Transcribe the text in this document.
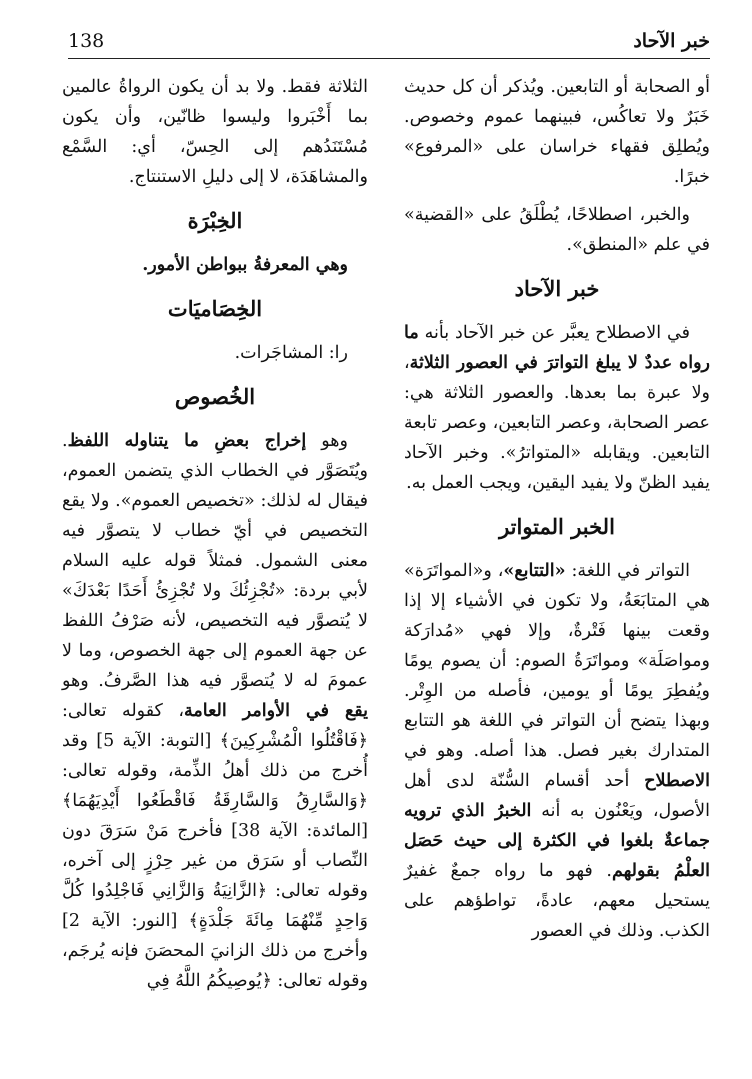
خبر الآحاد
138

أو الصحابة أو التابعين. ويُذكر أن كل حديث خَبَرٌ ولا تعاكُس، فبينهما عموم وخصوص. ويُطلِق فقهاء خراسان على «المرفوع» خبرًا.

والخبر، اصطلاحًا، يُطْلَقُ على «القضية» في علم «المنطق».

خبر الآحاد

في الاصطلاح يعبَّر عن خبر الآحاد بأنه ما رواه عددٌ لا يبلغ التواترَ في العصور الثلاثة، ولا عبرة بما بعدها. والعصور الثلاثة هي: عصر الصحابة، وعصر التابعين، وعصر تابعة التابعين. ويقابله «المتواترُ». وخبر الآحاد يفيد الظنّ ولا يفيد اليقين، ويجب العمل به.

الخبر المتواتر

التواتر في اللغة: «التتابع»، و«المواتَرَة» هي المتابَعَةُ، ولا تكون في الأشياء إلا إذا وقعت بينها فَتْرةٌ، وإلا فهي «مُدارَكة ومواصَلَة» ومواتَرَةُ الصوم: أن يصوم يومًا ويُفطِرَ يومًا أو يومين، فأصله من الوِتْر. وبهذا يتضح أن التواتر في اللغة هو التتابع المتدارك بغير فصل. هذا أصله. وهو في الاصطلاح أحد أقسام السُّنّة لدى أهل الأصول، ويَعْنُون به أنه الخبرُ الذي ترويه جماعةٌ بلغوا في الكثرة إلى حيث حَصَل العلْمُ بقولهم. فهو ما رواه جمعٌ غفيرٌ يستحيل معهم، عادةً، تواطؤهم على الكذب. وذلك في العصور

الثلاثة فقط. ولا بد أن يكون الرواةُ عالمين بما أَخْبَروا وليسوا ظانّين، وأن يكون مُسْتَنَدُهم إلى الحِسّ، أي: السَّمْع والمشاهَدَة، لا إلى دليلِ الاستنتاج.

الخِبْرَة

وهي المعرفةُ ببواطن الأمور.

الخِصَاميَات

را: المشاجَرات.

الخُصوص

وهو إخراج بعضِ ما يتناوله اللفظ. ويُتَصَوَّر في الخطاب الذي يتضمن العموم، فيقال له لذلك: «تخصيص العموم». ولا يقع التخصيص في أيّ خطاب لا يتصوَّر فيه معنى الشمول. فمثلاً قوله عليه السلام لأبي بردة: «تُجْزِئُكَ ولا تُجْزِئُ أَحَدًا بَعْدَكَ» لا يُتصوَّر فيه التخصيص، لأنه صَرْفُ اللفظ عن جهة العموم إلى جهة الخصوص، وما لا عمومَ له لا يُتصوَّر فيه هذا الصَّرفُ. وهو يقع في الأوامر العامة، كقوله تعالى: ﴿فَاقْتُلُوا الْمُشْرِكِينَ﴾ [التوبة: الآية 5] وقد أُخرج من ذلك أهلُ الذِّمة، وقوله تعالى: ﴿وَالسَّارِقُ وَالسَّارِقَةُ فَاقْطَعُوا أَيْدِيَهُمَا﴾ [المائدة: الآية 38] فأخرج مَنْ سَرَقَ دون النِّصاب أو سَرَق من غير حِرْزٍ إلى آخره، وقوله تعالى: ﴿الزَّانِيَةُ وَالزَّانِي فَاجْلِدُوا كُلَّ وَاحِدٍ مِّنْهُمَا مِائَةَ جَلْدَةٍ﴾ [النور: الآية 2] وأخرج من ذلك الزانيَ المحصَنَ فإنه يُرجَم، وقوله تعالى: ﴿يُوصِيكُمُ اللَّهُ فِي
